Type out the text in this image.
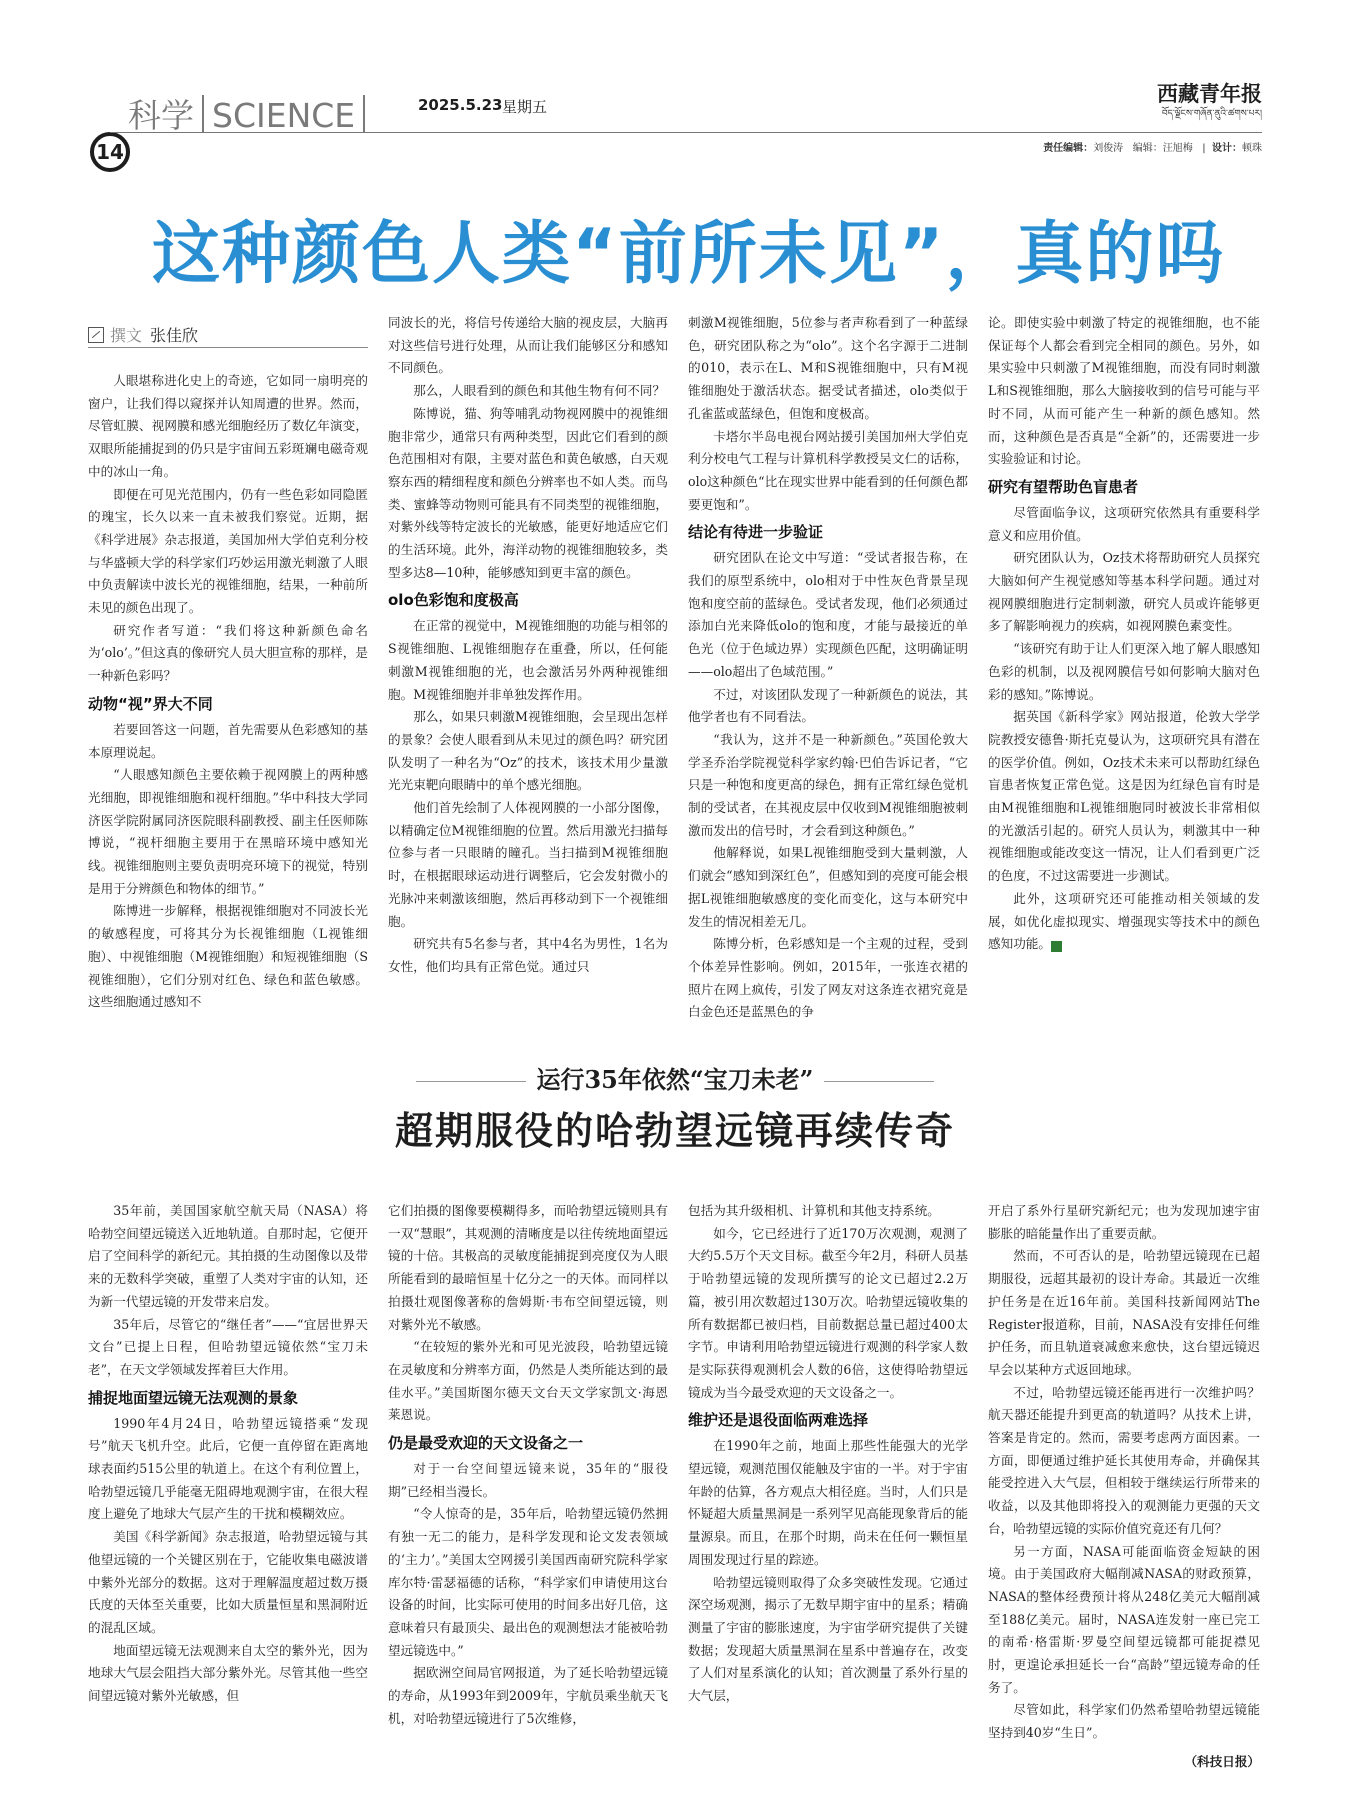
科学 SCIENCE
14
2025.5.23 星期五
西藏青年报
བོད་ལྗོངས་གཞོན་ནུའི་ཚགས་པར།
责任编辑：刘俊涛 编辑：汪旭梅   |  设计：顿珠
这种颜色人类“前所未见”，真的吗
撰文 张佳欣

人眼堪称进化史上的奇迹，它如同一扇明亮的窗户，让我们得以窥探并认知周遭的世界。然而，尽管虹膜、视网膜和感光细胞经历了数亿年演变，双眼所能捕捉到的仍只是宇宙间五彩斑斓电磁奇观中的冰山一角。

即便在可见光范围内，仍有一些色彩如同隐匿的瑰宝，长久以来一直未被我们察觉。近期，据《科学进展》杂志报道，美国加州大学伯克利分校与华盛顿大学的科学家们巧妙运用激光刺激了人眼中负责解读中波长光的视锥细胞，结果，一种前所未见的颜色出现了。

研究作者写道：“我们将这种新颜色命名为‘olo’。”但这真的像研究人员大胆宣称的那样，是一种新色彩吗？

动物“视”界大不同

若要回答这一问题，首先需要从色彩感知的基本原理说起。

“人眼感知颜色主要依赖于视网膜上的两种感光细胞，即视锥细胞和视杆细胞。”华中科技大学同济医学院附属同济医院眼科副教授、副主任医师陈博说，“视杆细胞主要用于在黑暗环境中感知光线。视锥细胞则主要负责明亮环境下的视觉，特别是用于分辨颜色和物体的细节。”

陈博进一步解释，根据视锥细胞对不同波长光的敏感程度，可将其分为长视锥细胞（L视锥细胞）、中视锥细胞（M视锥细胞）和短视锥细胞（S视锥细胞），它们分别对红色、绿色和蓝色敏感。这些细胞通过感知不

同波长的光，将信号传递给大脑的视皮层，大脑再对这些信号进行处理，从而让我们能够区分和感知不同颜色。

那么，人眼看到的颜色和其他生物有何不同？

陈博说，猫、狗等哺乳动物视网膜中的视锥细胞非常少，通常只有两种类型，因此它们看到的颜色范围相对有限，主要对蓝色和黄色敏感，白天观察东西的精细程度和颜色分辨率也不如人类。而鸟类、蜜蜂等动物则可能具有不同类型的视锥细胞，对紫外线等特定波长的光敏感，能更好地适应它们的生活环境。此外，海洋动物的视锥细胞较多，类型多达8—10种，能够感知到更丰富的颜色。

olo色彩饱和度极高

在正常的视觉中，M视锥细胞的功能与相邻的S视锥细胞、L视锥细胞存在重叠，所以，任何能刺激M视锥细胞的光，也会激活另外两种视锥细胞。M视锥细胞并非单独发挥作用。

那么，如果只刺激M视锥细胞，会呈现出怎样的景象？会使人眼看到从未见过的颜色吗？研究团队发明了一种名为“Oz”的技术，该技术用少量激光光束靶向眼睛中的单个感光细胞。

他们首先绘制了人体视网膜的一小部分图像，以精确定位M视锥细胞的位置。然后用激光扫描每位参与者一只眼睛的瞳孔。当扫描到M视锥细胞时，在根据眼球运动进行调整后，它会发射微小的光脉冲来刺激该细胞，然后再移动到下一个视锥细胞。

研究共有5名参与者，其中4名为男性，1名为女性，他们均具有正常色觉。通过只

刺激M视锥细胞，5位参与者声称看到了一种蓝绿色，研究团队称之为“olo”。这个名字源于二进制的010，表示在L、M和S视锥细胞中，只有M视锥细胞处于激活状态。据受试者描述，olo类似于孔雀蓝或蓝绿色，但饱和度极高。

卡塔尔半岛电视台网站援引美国加州大学伯克利分校电气工程与计算机科学教授吴文仁的话称，olo这种颜色“比在现实世界中能看到的任何颜色都要更饱和”。

结论有待进一步验证

研究团队在论文中写道：“受试者报告称，在我们的原型系统中，olo相对于中性灰色背景呈现饱和度空前的蓝绿色。受试者发现，他们必须通过添加白光来降低olo的饱和度，才能与最接近的单色光（位于色域边界）实现颜色匹配，这明确证明——olo超出了色域范围。”

不过，对该团队发现了一种新颜色的说法，其他学者也有不同看法。

“我认为，这并不是一种新颜色。”英国伦敦大学圣乔治学院视觉科学家约翰·巴伯告诉记者，“它只是一种饱和度更高的绿色，拥有正常红绿色觉机制的受试者，在其视皮层中仅收到M视锥细胞被刺激而发出的信号时，才会看到这种颜色。”

他解释说，如果L视锥细胞受到大量刺激，人们就会“感知到深红色”，但感知到的亮度可能会根据L视锥细胞敏感度的变化而变化，这与本研究中发生的情况相差无几。

陈博分析，色彩感知是一个主观的过程，受到个体差异性影响。例如，2015年，一张连衣裙的照片在网上疯传，引发了网友对这条连衣裙究竟是白金色还是蓝黑色的争

论。即使实验中刺激了特定的视锥细胞，也不能保证每个人都会看到完全相同的颜色。另外，如果实验中只刺激了M视锥细胞，而没有同时刺激L和S视锥细胞，那么大脑接收到的信号可能与平时不同，从而可能产生一种新的颜色感知。然而，这种颜色是否真是“全新”的，还需要进一步实验验证和讨论。

研究有望帮助色盲患者

尽管面临争议，这项研究依然具有重要科学意义和应用价值。

研究团队认为，Oz技术将帮助研究人员探究大脑如何产生视觉感知等基本科学问题。通过对视网膜细胞进行定制刺激，研究人员或许能够更多了解影响视力的疾病，如视网膜色素变性。

“该研究有助于让人们更深入地了解人眼感知色彩的机制，以及视网膜信号如何影响大脑对色彩的感知。”陈博说。

据英国《新科学家》网站报道，伦敦大学学院教授安德鲁·斯托克曼认为，这项研究具有潜在的医学价值。例如，Oz技术未来可以帮助红绿色盲患者恢复正常色觉。这是因为红绿色盲有时是由M视锥细胞和L视锥细胞同时被波长非常相似的光激活引起的。研究人员认为，刺激其中一种视锥细胞或能改变这一情况，让人们看到更广泛的色度，不过这需要进一步测试。

此外，这项研究还可能推动相关领域的发展，如优化虚拟现实、增强现实等技术中的颜色感知功能。	青

运行35年依然“宝刀未老”
超期服役的哈勃望远镜再续传奇

35年前，美国国家航空航天局（NASA）将哈勃空间望远镜送入近地轨道。自那时起，它便开启了空间科学的新纪元。其拍摄的生动图像以及带来的无数科学突破，重塑了人类对宇宙的认知，还为新一代望远镜的开发带来启发。

35年后，尽管它的“继任者”——“宜居世界天文台”已提上日程，但哈勃望远镜依然“宝刀未老”，在天文学领域发挥着巨大作用。

捕捉地面望远镜无法观测的景象

1990年4月24日，哈勃望远镜搭乘“发现号”航天飞机升空。此后，它便一直停留在距离地球表面约515公里的轨道上。在这个有利位置上，哈勃望远镜几乎能毫无阻碍地观测宇宙，在很大程度上避免了地球大气层产生的干扰和模糊效应。

美国《科学新闻》杂志报道，哈勃望远镜与其他望远镜的一个关键区别在于，它能收集电磁波谱中紫外光部分的数据。这对于理解温度超过数万摄氏度的天体至关重要，比如大质量恒星和黑洞附近的混乱区域。

地面望远镜无法观测来自太空的紫外光，因为地球大气层会阻挡大部分紫外光。尽管其他一些空间望远镜对紫外光敏感，但

它们拍摄的图像要模糊得多，而哈勃望远镜则具有一双“慧眼”，其观测的清晰度是以往传统地面望远镜的十倍。其极高的灵敏度能捕捉到亮度仅为人眼所能看到的最暗恒星十亿分之一的天体。而同样以拍摄壮观图像著称的詹姆斯·韦布空间望远镜，则对紫外光不敏感。

“在较短的紫外光和可见光波段，哈勃望远镜在灵敏度和分辨率方面，仍然是人类所能达到的最佳水平。”美国斯图尔德天文台天文学家凯文·海恩莱恩说。

仍是最受欢迎的天文设备之一

对于一台空间望远镜来说，35年的“服役期”已经相当漫长。

“令人惊奇的是，35年后，哈勃望远镜仍然拥有独一无二的能力，是科学发现和论文发表领域的‘主力’。”美国太空网援引美国西南研究院科学家库尔特·雷瑟福德的话称，“科学家们申请使用这台设备的时间，比实际可使用的时间多出好几倍，这意味着只有最顶尖、最出色的观测想法才能被哈勃望远镜选中。”

据欧洲空间局官网报道，为了延长哈勃望远镜的寿命，从1993年到2009年，宇航员乘坐航天飞机，对哈勃望远镜进行了5次维修，

包括为其升级相机、计算机和其他支持系统。

如今，它已经进行了近170万次观测，观测了大约5.5万个天文目标。截至今年2月，科研人员基于哈勃望远镜的发现所撰写的论文已超过2.2万篇，被引用次数超过130万次。哈勃望远镜收集的所有数据都已被归档，目前数据总量已超过400太字节。申请利用哈勃望远镜进行观测的科学家人数是实际获得观测机会人数的6倍，这使得哈勃望远镜成为当今最受欢迎的天文设备之一。

维护还是退役面临两难选择

在1990年之前，地面上那些性能强大的光学望远镜，观测范围仅能触及宇宙的一半。对于宇宙年龄的估算，各方观点大相径庭。当时，人们只是怀疑超大质量黑洞是一系列罕见高能现象背后的能量源泉。而且，在那个时期，尚未在任何一颗恒星周围发现过行星的踪迹。

哈勃望远镜则取得了众多突破性发现。它通过深空场观测，揭示了无数早期宇宙中的星系；精确测量了宇宙的膨胀速度，为宇宙学研究提供了关键数据；发现超大质量黑洞在星系中普遍存在，改变了人们对星系演化的认知；首次测量了系外行星的大气层，

开启了系外行星研究新纪元；也为发现加速宇宙膨胀的暗能量作出了重要贡献。

然而，不可否认的是，哈勃望远镜现在已超期服役，远超其最初的设计寿命。其最近一次维护任务是在近16年前。美国科技新闻网站The Register报道称，目前，NASA没有安排任何维护任务，而且轨道衰减愈来愈快，这台望远镜迟早会以某种方式返回地球。

不过，哈勃望远镜还能再进行一次维护吗？航天器还能提升到更高的轨道吗？从技术上讲，答案是肯定的。然而，需要考虑两方面因素。一方面，即便通过维护延长其使用寿命，并确保其能受控进入大气层，但相较于继续运行所带来的收益，以及其他即将投入的观测能力更强的天文台，哈勃望远镜的实际价值究竟还有几何？

另一方面，NASA可能面临资金短缺的困境。由于美国政府大幅削减NASA的财政预算，NASA的整体经费预计将从248亿美元大幅削减至188亿美元。届时，NASA连发射一座已完工的南希·格雷斯·罗曼空间望远镜都可能捉襟见肘，更遑论承担延长一台“高龄”望远镜寿命的任务了。

尽管如此，科学家们仍然希望哈勃望远镜能坚持到40岁“生日”。

（科技日报）
